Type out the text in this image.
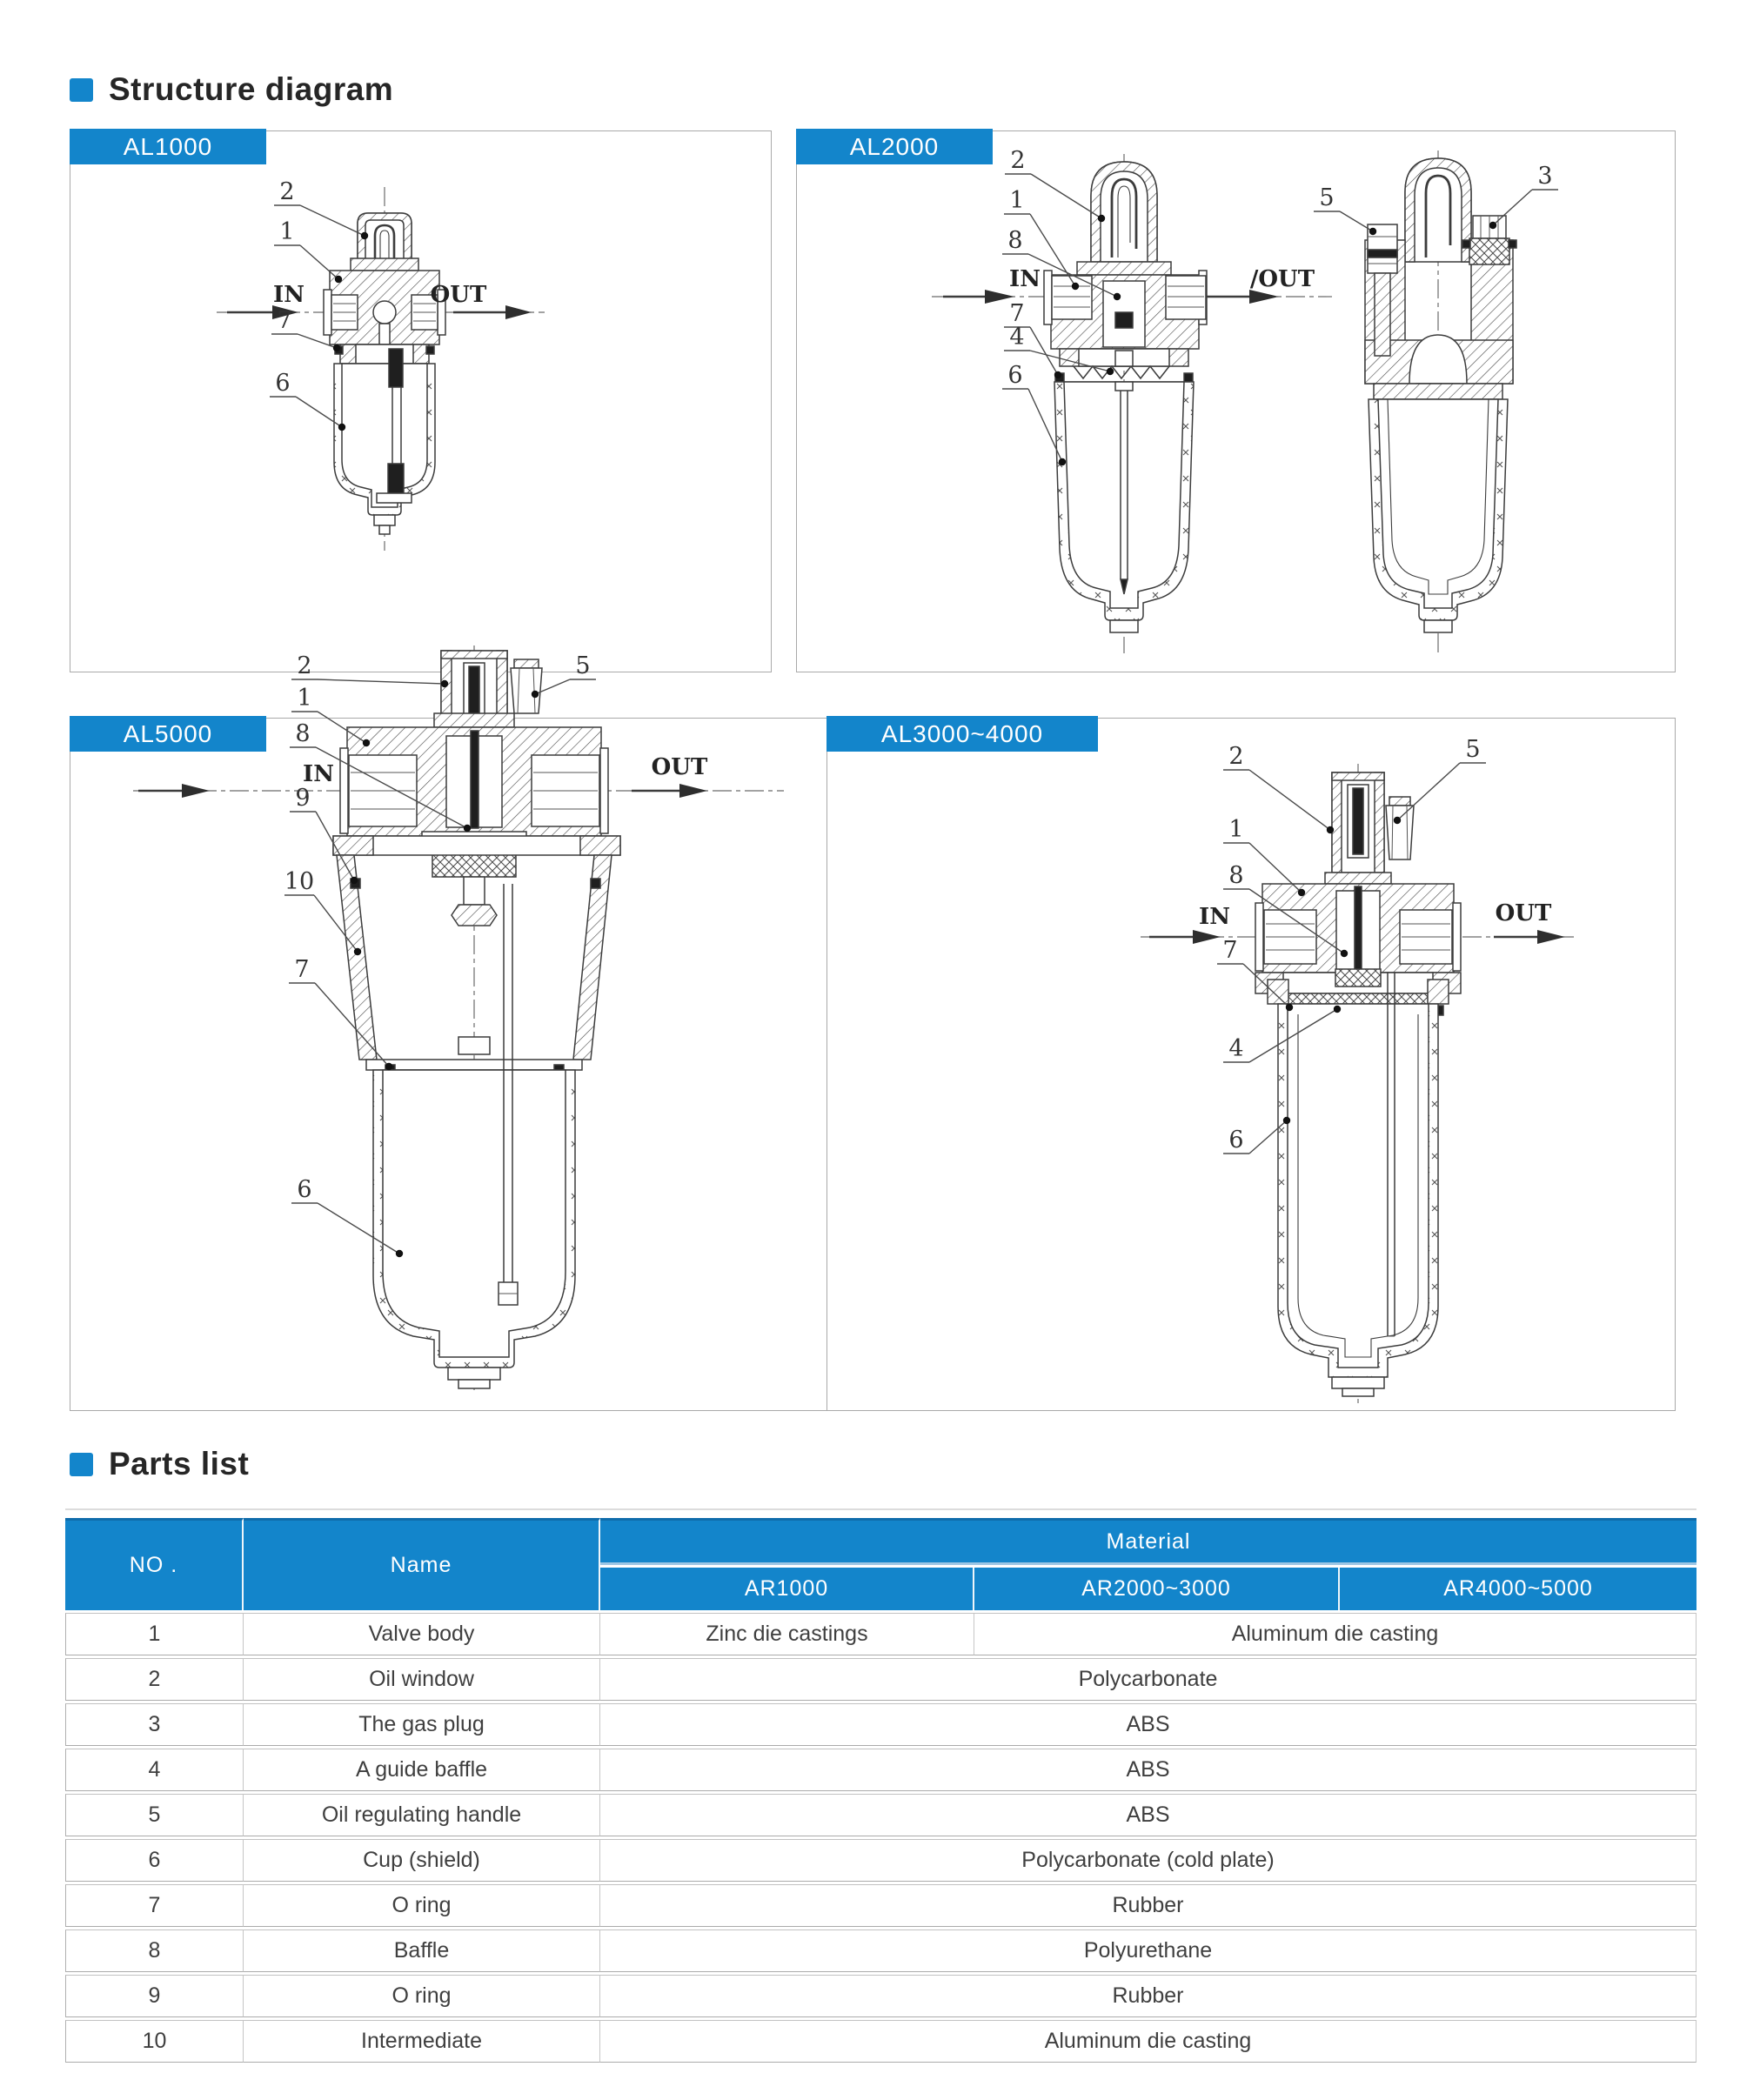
Structure diagram
AL1000
2
1
7
6
IN	OUT
AL2000
2
1
8
7
4
6
5
3
IN	/OUT
2	5
1
8
9
10
7
6
IN	OUT
AL5000	AL3000~4000
2	5
1
8
7
4
6
IN	OUT
Parts list
NO .	Name	Material		
		AR1000	AR2000~3000	AR4000~5000
1	Valve body	Zinc die castings	Aluminum die casting	
2	Oil window	Polycarbonate		
3	The gas plug	ABS		
4	A guide baffle	ABS		
5	Oil regulating handle	ABS		
6	Cup (shield)	Polycarbonate (cold plate)		
7	O ring	Rubber		
8	Baffle	Polyurethane		
9	O ring	Rubber		
10	Intermediate	Aluminum die casting		
